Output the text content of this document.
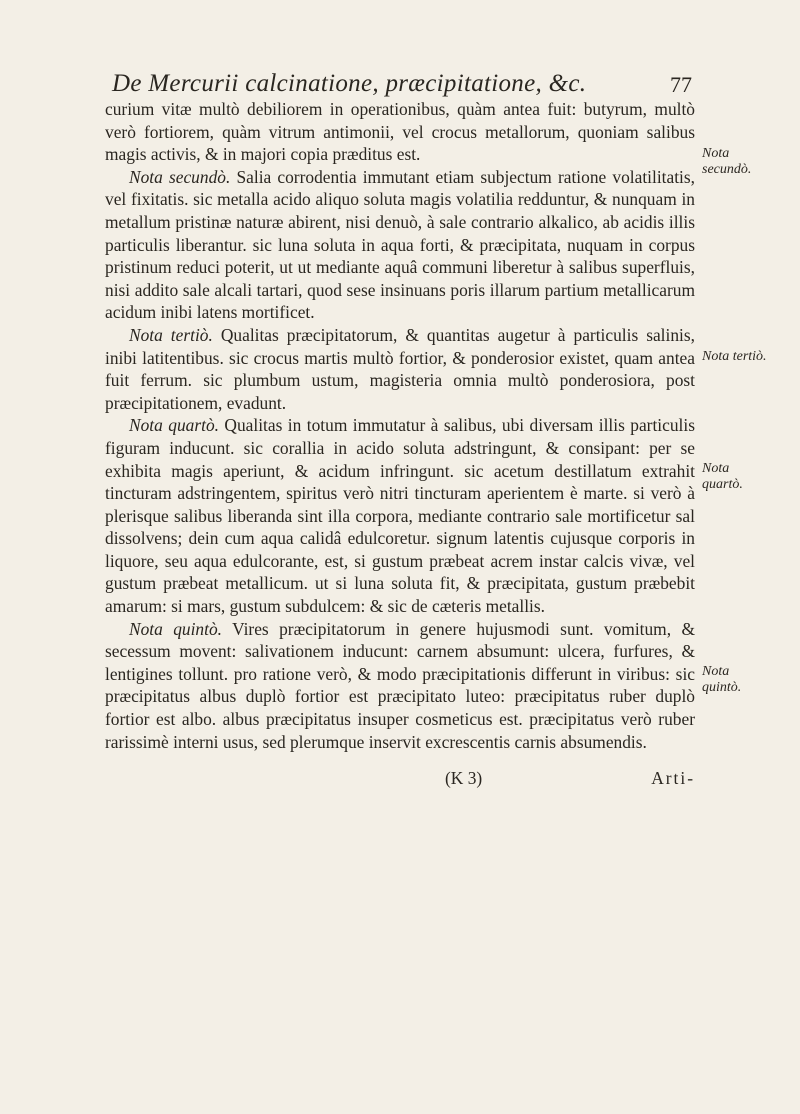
De Mercurii calcinatione, præcipitatione, &c.	77

curium vitæ multò debiliorem in operationibus, quàm antea fuit: butyrum, multò verò fortiorem, quàm vitrum antimonii, vel crocus metallorum, quoniam salibus magis activis, & in majori copia præditus est.

Nota secundò. Salia corrodentia immutant etiam subjectum ratione volatilitatis, vel fixitatis. sic metalla acido aliquo soluta magis volatilia redduntur, & nunquam in metallum pristinæ naturæ abirent, nisi denuò, à sale contrario alkalico, ab acidis illis particulis liberantur. sic luna soluta in aqua forti, & præcipitata, nuquam in corpus pristinum reduci poterit, ut ut mediante aquâ communi liberetur à salibus superfluis, nisi addito sale alcali tartari, quod sese insinuans poris illarum partium metallicarum acidum inibi latens mortificet.

Nota tertiò. Qualitas præcipitatorum, & quantitas augetur à particulis salinis, inibi latitentibus. sic crocus martis multò fortior, & ponderosior existet, quam antea fuit ferrum. sic plumbum ustum, magisteria omnia multò ponderosiora, post præcipitationem, evadunt.

Nota quartò. Qualitas in totum immutatur à salibus, ubi diversam illis particulis figuram inducunt. sic corallia in acido soluta adstringunt, & consipant: per se exhibita magis aperiunt, & acidum infringunt. sic acetum destillatum extrahit tincturam adstringentem, spiritus verò nitri tincturam aperientem è marte. si verò à plerisque salibus liberanda sint illa corpora, mediante contrario sale mortificetur sal dissolvens; dein cum aqua calidâ edulcoretur. signum latentis cujusque corporis in liquore, seu aqua edulcorante, est, si gustum præbeat acrem instar calcis vivæ, vel gustum præbeat metallicum. ut si luna soluta fit, & præcipitata, gustum præbebit amarum: si mars, gustum subdulcem: & sic de cæteris metallis.

Nota quintò. Vires præcipitatorum in genere hujusmodi sunt. vomitum, & secessum movent: salivationem inducunt: carnem absumunt: ulcera, furfures, & lentigines tollunt. pro ratione verò, & modo præcipitationis differunt in viribus: sic præcipitatus albus duplò fortior est præcipitato luteo: præcipitatus ruber duplò fortior est albo. albus præcipitatus insuper cosmeticus est. præcipitatus verò ruber rarissimè interni usus, sed plerumque inservit excrescentis carnis absumendis.

Nota secundò.
Nota tertiò.
Nota quartò.
Nota quintò.
(K 3)	Arti-
